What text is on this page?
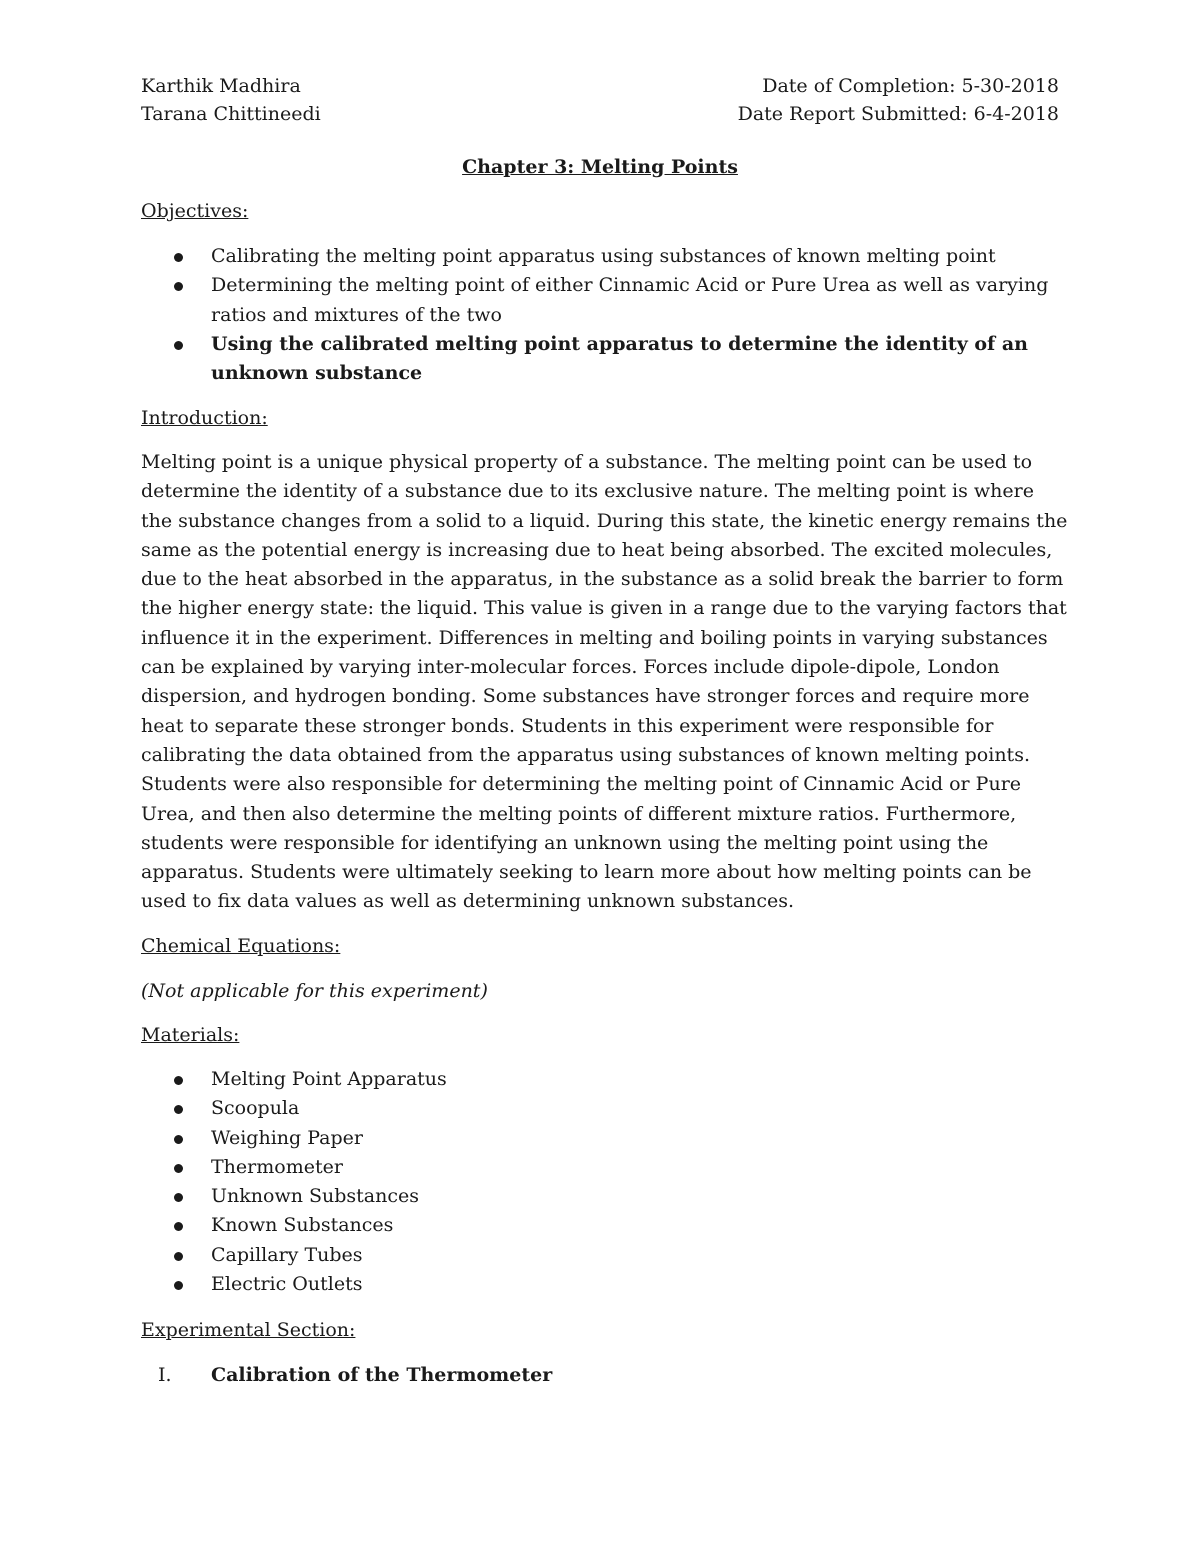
Karthik Madhira
Tarana Chittineedi
Date of Completion: 5-30-2018
Date Report Submitted: 6-4-2018
Chapter 3: Melting Points
Objectives:
Calibrating the melting point apparatus using substances of known melting point
Determining the melting point of either Cinnamic Acid or Pure Urea as well as varying ratios and mixtures of the two
Using the calibrated melting point apparatus to determine the identity of an unknown substance
Introduction:
Melting point is a unique physical property of a substance. The melting point can be used to determine the identity of a substance due to its exclusive nature. The melting point is where the substance changes from a solid to a liquid. During this state, the kinetic energy remains the same as the potential energy is increasing due to heat being absorbed. The excited molecules, due to the heat absorbed in the apparatus, in the substance as a solid break the barrier to form the higher energy state: the liquid. This value is given in a range due to the varying factors that influence it in the experiment. Differences in melting and boiling points in varying substances can be explained by varying inter-molecular forces. Forces include dipole-dipole, London dispersion, and hydrogen bonding. Some substances have stronger forces and require more heat to separate these stronger bonds. Students in this experiment were responsible for calibrating the data obtained from the apparatus using substances of known melting points. Students were also responsible for determining the melting point of Cinnamic Acid or Pure Urea, and then also determine the melting points of different mixture ratios. Furthermore, students were responsible for identifying an unknown using the melting point using the apparatus. Students were ultimately seeking to learn more about how melting points can be used to fix data values as well as determining unknown substances.
Chemical Equations:
(Not applicable for this experiment)
Materials:
Melting Point Apparatus
Scoopula
Weighing Paper
Thermometer
Unknown Substances
Known Substances
Capillary Tubes
Electric Outlets
Experimental Section:
I. Calibration of the Thermometer
